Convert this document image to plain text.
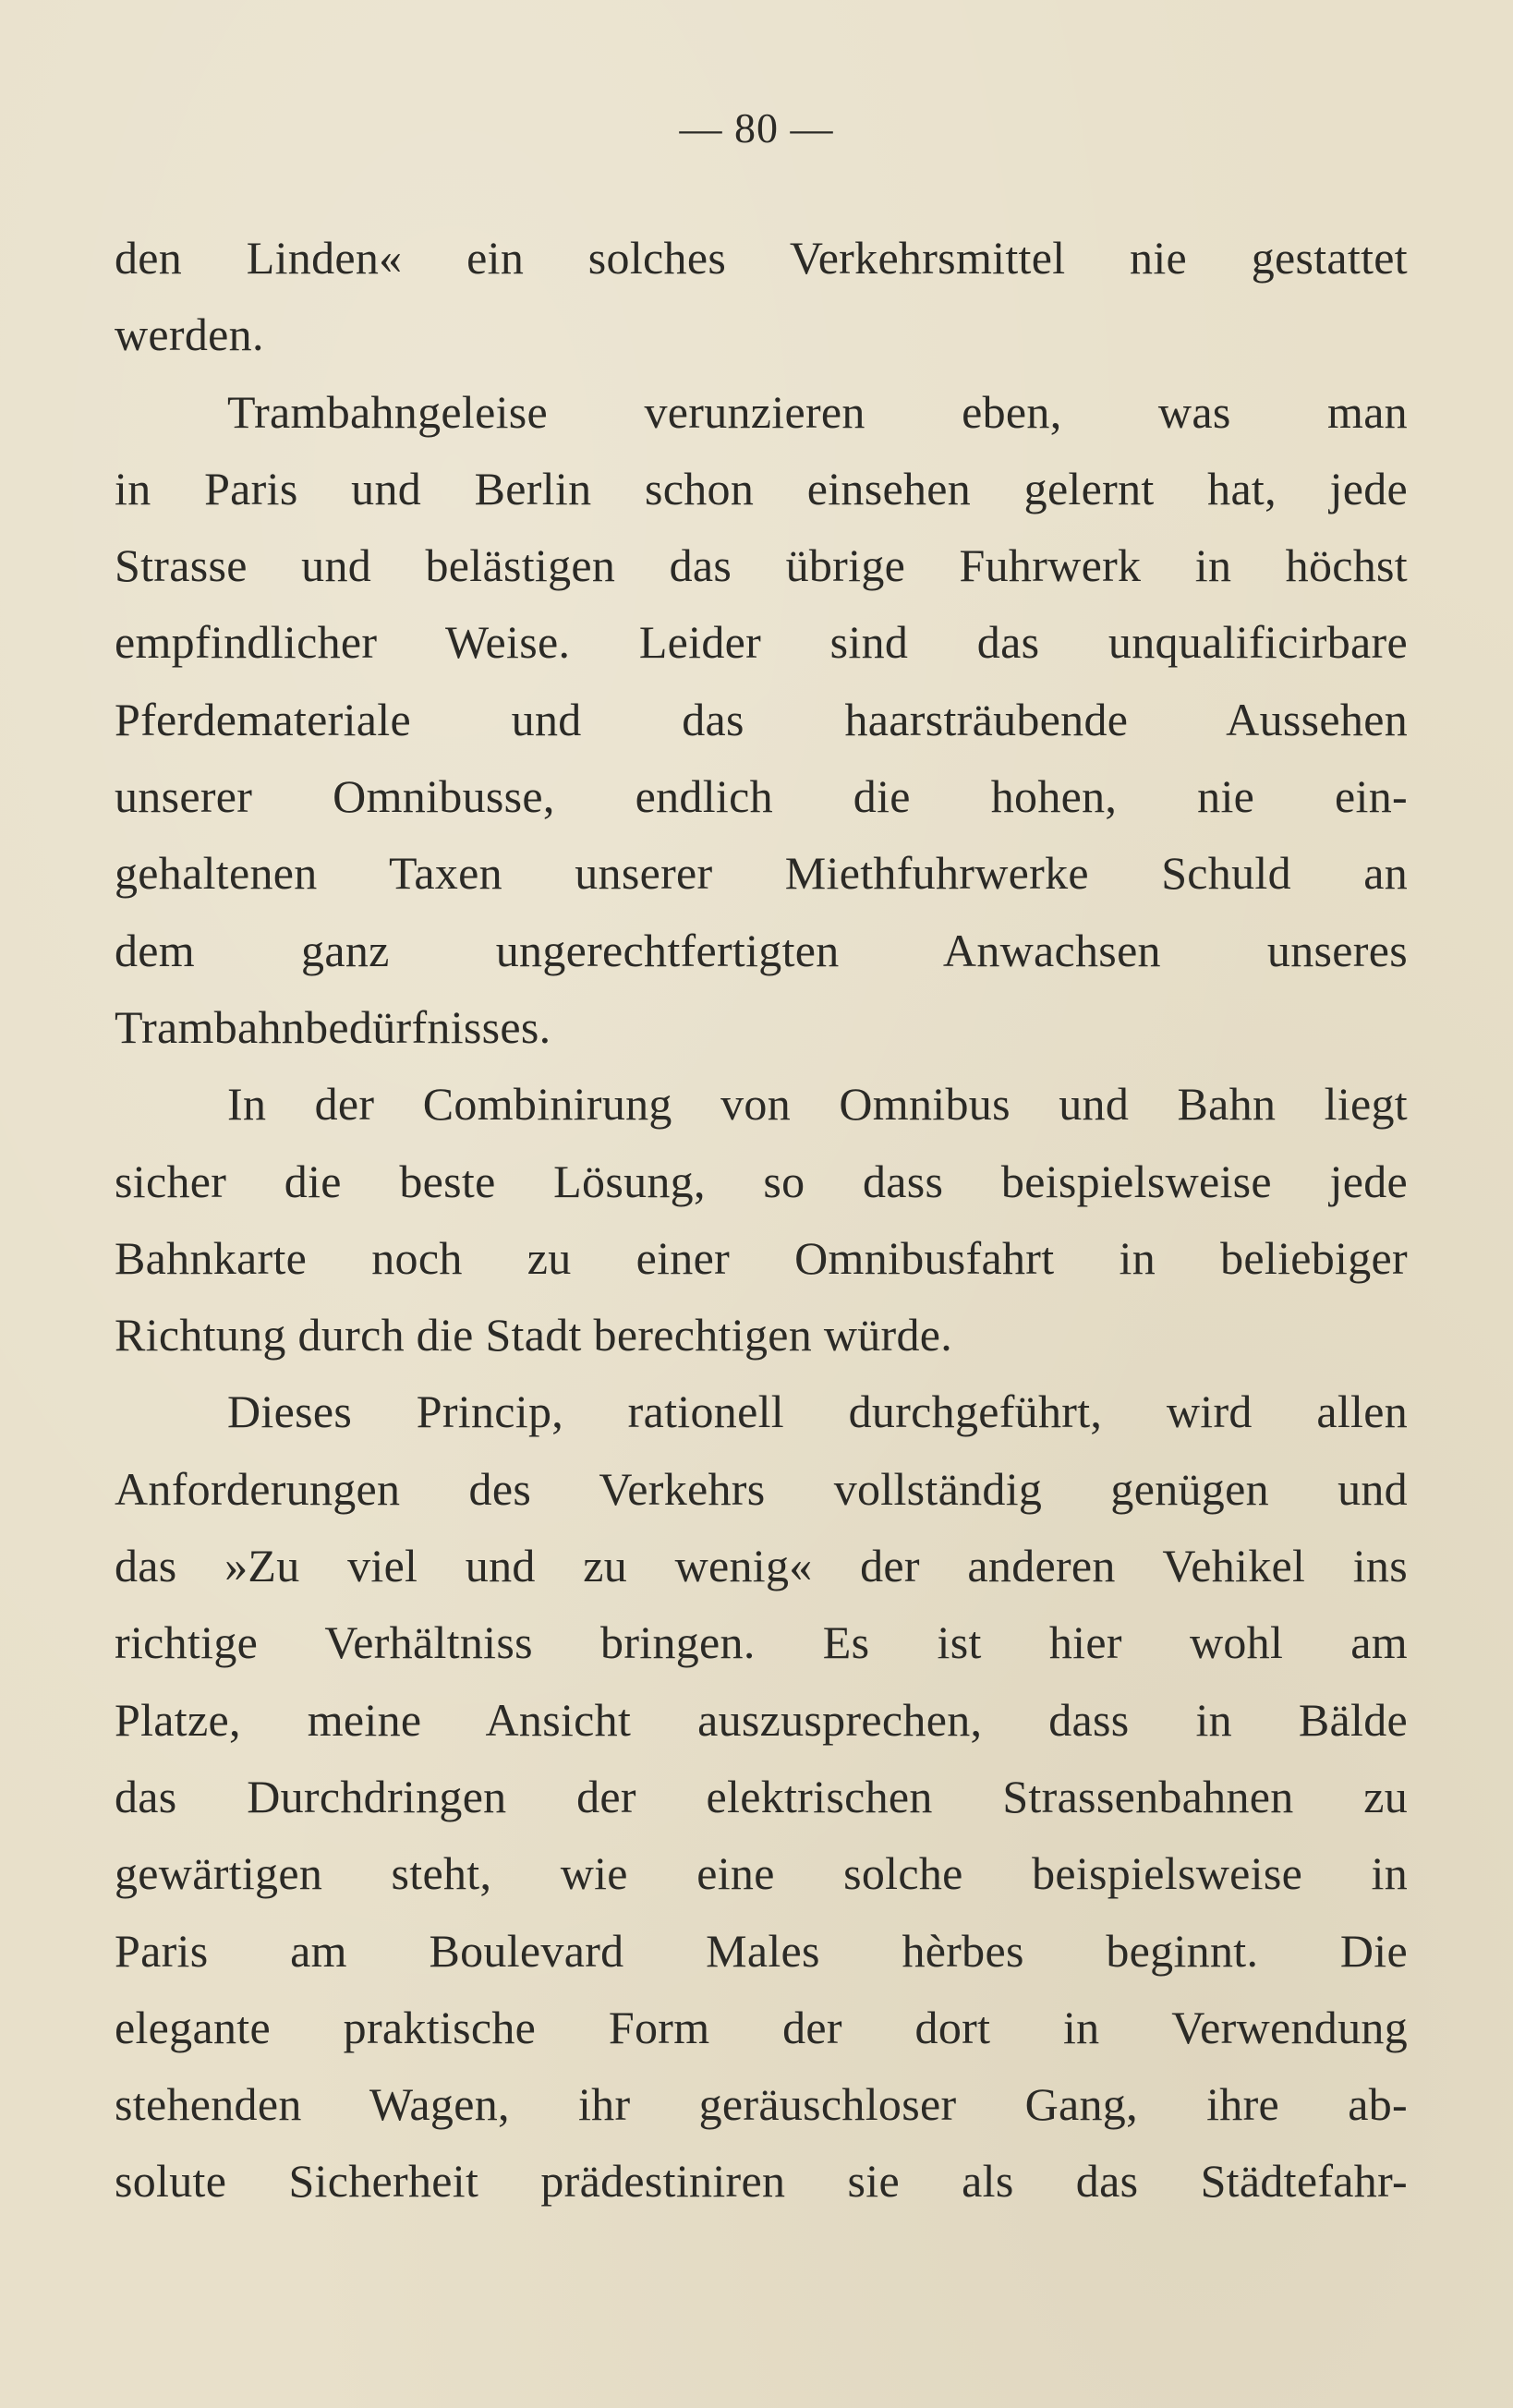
— 80 —
den Linden« ein solches Verkehrsmittel nie gestattet
werden.
Trambahngeleise verunzieren eben, was man
in Paris und Berlin schon einsehen gelernt hat, jede
Strasse und belästigen das übrige Fuhrwerk in höchst
empfindlicher Weise. Leider sind das unqualificirbare
Pferdemateriale und das haarsträubende Aussehen
unserer Omnibusse, endlich die hohen, nie ein-
gehaltenen Taxen unserer Miethfuhrwerke Schuld an
dem ganz ungerechtfertigten Anwachsen unseres
Trambahnbedürfnisses.
In der Combinirung von Omnibus und Bahn liegt
sicher die beste Lösung, so dass beispielsweise jede
Bahnkarte noch zu einer Omnibusfahrt in beliebiger
Richtung durch die Stadt berechtigen würde.
Dieses Princip, rationell durchgeführt, wird allen
Anforderungen des Verkehrs vollständig genügen und
das »Zu viel und zu wenig« der anderen Vehikel ins
richtige Verhältniss bringen. Es ist hier wohl am
Platze, meine Ansicht auszusprechen, dass in Bälde
das Durchdringen der elektrischen Strassenbahnen zu
gewärtigen steht, wie eine solche beispielsweise in
Paris am Boulevard Males hèrbes beginnt. Die
elegante praktische Form der dort in Verwendung
stehenden Wagen, ihr geräuschloser Gang, ihre ab-
solute Sicherheit prädestiniren sie als das Städtefahr-
